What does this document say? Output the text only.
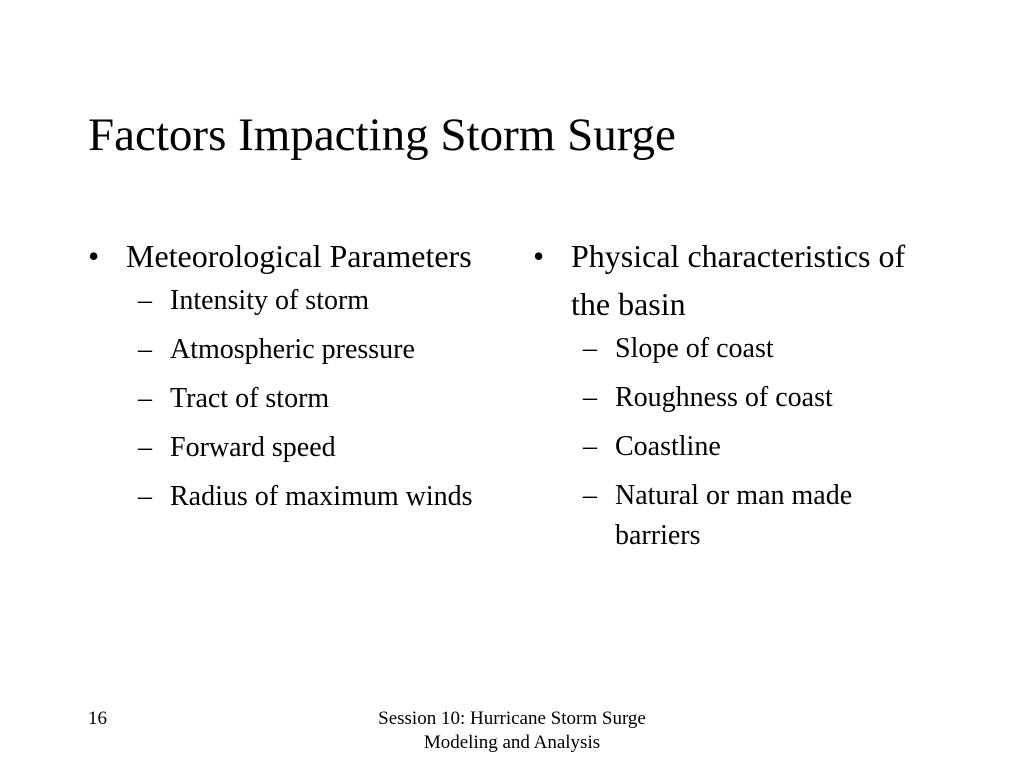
Factors Impacting Storm Surge
• Meteorological Parameters
– Intensity of storm
– Atmospheric pressure
– Tract of storm
– Forward speed
– Radius of maximum winds
• Physical characteristics of the basin
– Slope of coast
– Roughness of coast
– Coastline
– Natural or man made barriers
16	Session 10: Hurricane Storm Surge
Modeling and Analysis
